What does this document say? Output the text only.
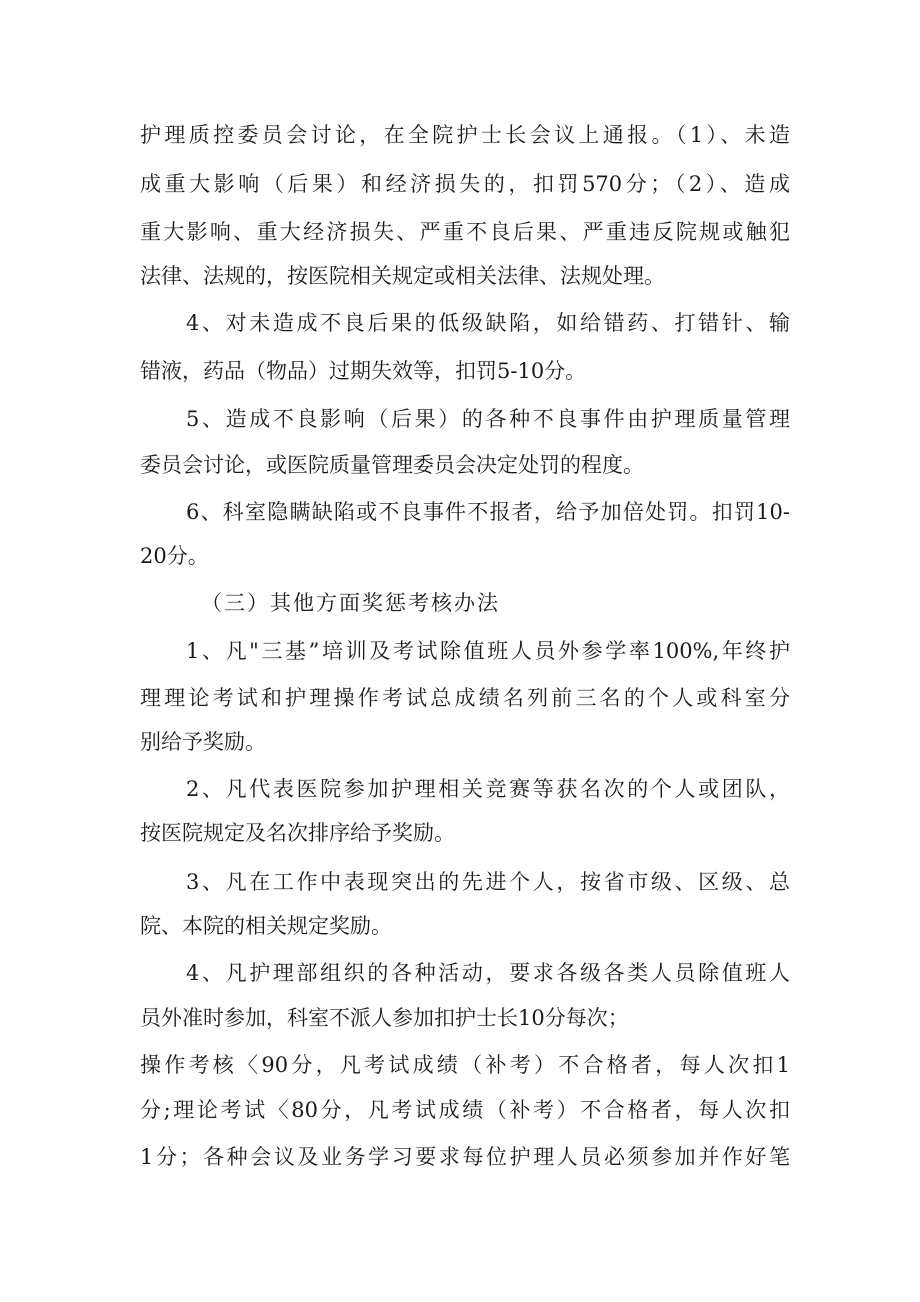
护理质控委员会讨论，在全院护士长会议上通报。（1）、未造
成重大影响（后果）和经济损失的，扣罚570分；（2）、造成
重大影响、重大经济损失、严重不良后果、严重违反院规或触犯
法律、法规的，按医院相关规定或相关法律、法规处理。
4、对未造成不良后果的低级缺陷，如给错药、打错针、输
错液，药品（物品）过期失效等，扣罚5-10分。
5、造成不良影响（后果）的各种不良事件由护理质量管理
委员会讨论，或医院质量管理委员会决定处罚的程度。
6、科室隐瞒缺陷或不良事件不报者，给予加倍处罚。扣罚10-
20分。
（三）其他方面奖惩考核办法
1、凡"三基”培训及考试除值班人员外参学率100%,年终护
理理论考试和护理操作考试总成绩名列前三名的个人或科室分
别给予奖励。
2、凡代表医院参加护理相关竞赛等获名次的个人或团队，
按医院规定及名次排序给予奖励。
3、凡在工作中表现突出的先进个人，按省市级、区级、总
院、本院的相关规定奖励。
4、凡护理部组织的各种活动，要求各级各类人员除值班人
员外准时参加，科室不派人参加扣护士长10分每次；
操作考核〈90分，凡考试成绩（补考）不合格者，每人次扣1
分;理论考试〈80分，凡考试成绩（补考）不合格者，每人次扣
1分；各种会议及业务学习要求每位护理人员必须参加并作好笔
